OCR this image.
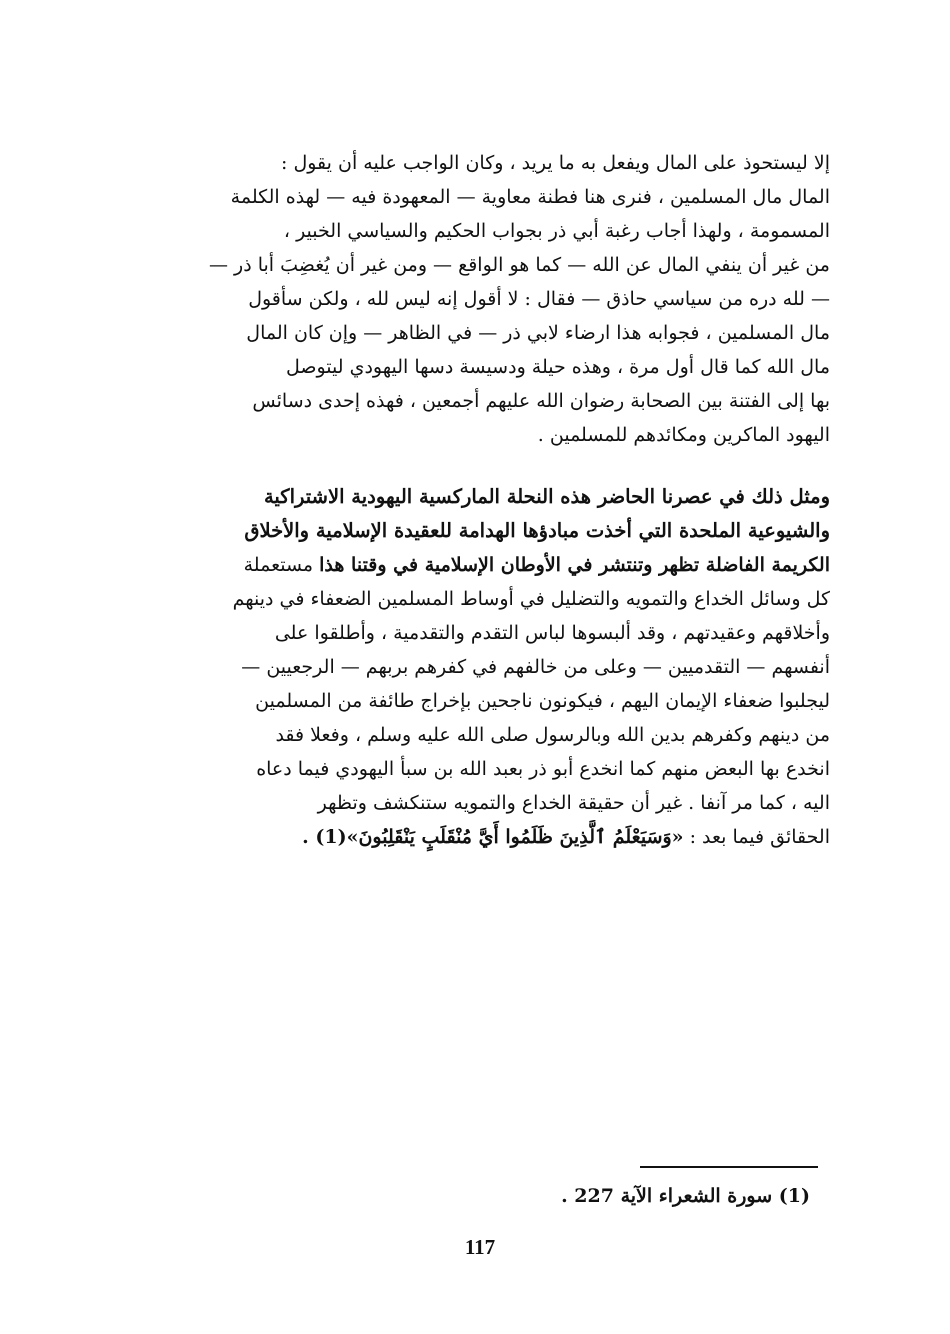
إلا ليستحوذ على المال ويفعل به ما يريد ، وكان الواجب عليه أن يقول :
المال مال المسلمين ، فنرى هنا فطنة معاوية — المعهودة فيه — لهذه الكلمة
المسمومة ، ولهذا أجاب رغبة أبي ذر بجواب الحكيم والسياسي الخبير ،
من غير أن ينفي المال عن الله — كما هو الواقع — ومن غير أن يُغضِبَ أبا ذر —
— لله دره من سياسي حاذق — فقال : لا أقول إنه ليس لله ، ولكن سأقول
مال المسلمين ، فجوابه هذا ارضاء لابي ذر — في الظاهر — وإن كان المال
مال الله كما قال أول مرة ، وهذه حيلة ودسيسة دسها اليهودي ليتوصل
بها إلى الفتنة بين الصحابة رضوان الله عليهم أجمعين ، فهذه إحدى دسائس
اليهود الماكرين ومكائدهم للمسلمين .
ومثل ذلك في عصرنا الحاضر هذه النحلة الماركسية اليهودية الاشتراكية
والشيوعية الملحدة التي أخذت مبادؤها الهدامة للعقيدة الإسلامية والأخلاق
الكريمة الفاضلة تظهر وتنتشر في الأوطان الإسلامية في وقتنا هذا مستعملة
كل وسائل الخداع والتمويه والتضليل في أوساط المسلمين الضعفاء في دينهم
وأخلاقهم وعقيدتهم ، وقد ألبسوها لباس التقدم والتقدمية ، وأطلقوا على
أنفسهم — التقدميين — وعلى من خالفهم في كفرهم بربهم — الرجعيين —
ليجلبوا ضعفاء الإيمان اليهم ، فيكونون ناجحين بإخراج طائفة من المسلمين
من دينهم وكفرهم بدين الله وبالرسول صلى الله عليه وسلم ، وفعلا فقد
انخدع بها البعض منهم كما انخدع أبو ذر بعبد الله بن سبأ اليهودي فيما دعاه
اليه ، كما مر آنفا . غير أن حقيقة الخداع والتمويه ستنكشف وتظهر
الحقائق فيما بعد : «وَسَيَعْلَمُ ٱلَّذِينَ ظَلَمُوا أَيَّ مُنْقَلَبٍ يَنْقَلِبُونَ»(1) .
(1) سورة الشعراء الآية 227 .
117
